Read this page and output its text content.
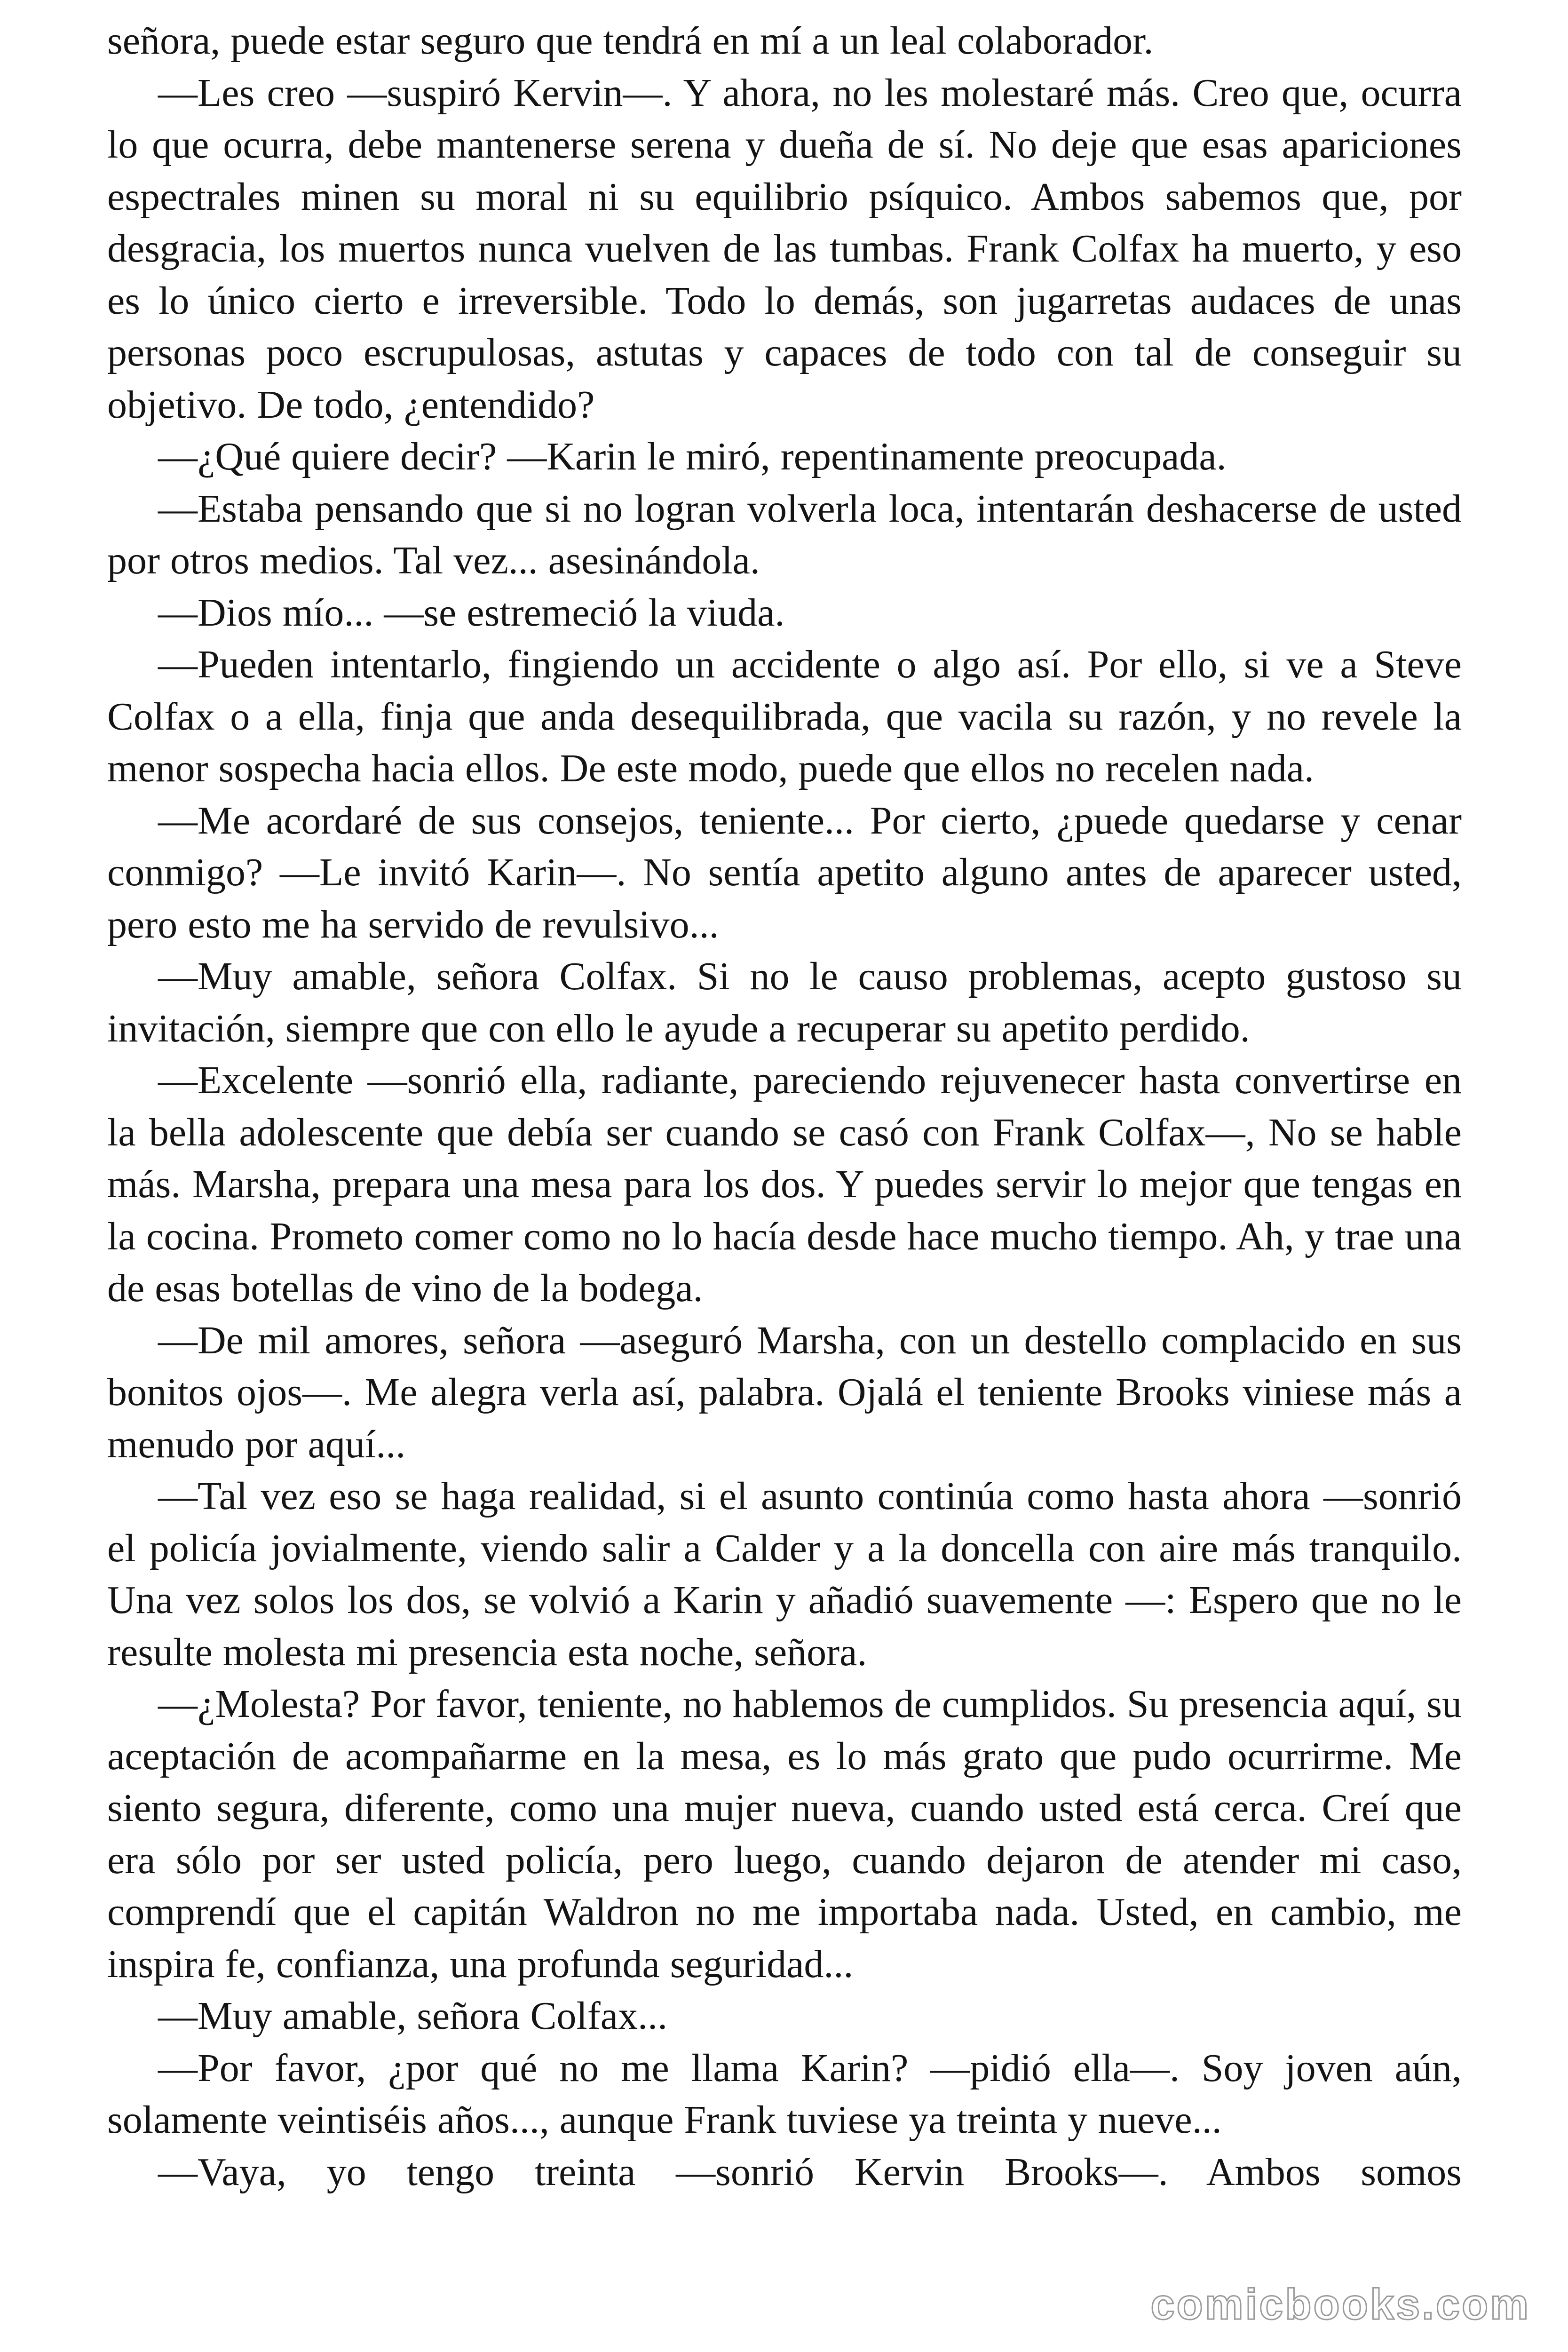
señora, puede estar seguro que tendrá en mí a un leal colaborador.

—Les creo —suspiró Kervin—. Y ahora, no les molestaré más. Creo que, ocurra lo que ocurra, debe mantenerse serena y dueña de sí. No deje que esas apariciones espectrales minen su moral ni su equilibrio psíquico. Ambos sabemos que, por desgracia, los muertos nunca vuelven de las tumbas. Frank Colfax ha muerto, y eso es lo único cierto e irreversible. Todo lo demás, son jugarretas audaces de unas personas poco escrupulosas, astutas y capaces de todo con tal de conseguir su objetivo. De todo, ¿entendido?

—¿Qué quiere decir? —Karin le miró, repentinamente preocupada.

—Estaba pensando que si no logran volverla loca, intentarán deshacerse de usted por otros medios. Tal vez... asesinándola.

—Dios mío... —se estremeció la viuda.

—Pueden intentarlo, fingiendo un accidente o algo así. Por ello, si ve a Steve Colfax o a ella, finja que anda desequilibrada, que vacila su razón, y no revele la menor sospecha hacia ellos. De este modo, puede que ellos no recelen nada.

—Me acordaré de sus consejos, teniente... Por cierto, ¿puede quedarse y cenar conmigo? —Le invitó Karin—. No sentía apetito alguno antes de aparecer usted, pero esto me ha servido de revulsivo...

—Muy amable, señora Colfax. Si no le causo problemas, acepto gustoso su invitación, siempre que con ello le ayude a recuperar su apetito perdido.

—Excelente —sonrió ella, radiante, pareciendo rejuvenecer hasta convertirse en la bella adolescente que debía ser cuando se casó con Frank Colfax—, No se hable más. Marsha, prepara una mesa para los dos. Y puedes servir lo mejor que tengas en la cocina. Prometo comer como no lo hacía desde hace mucho tiempo. Ah, y trae una de esas botellas de vino de la bodega.

—De mil amores, señora —aseguró Marsha, con un destello complacido en sus bonitos ojos—. Me alegra verla así, palabra. Ojalá el teniente Brooks viniese más a menudo por aquí...

—Tal vez eso se haga realidad, si el asunto continúa como hasta ahora —sonrió el policía jovialmente, viendo salir a Calder y a la doncella con aire más tranquilo. Una vez solos los dos, se volvió a Karin y añadió suavemente —: Espero que no le resulte molesta mi presencia esta noche, señora.

—¿Molesta? Por favor, teniente, no hablemos de cumplidos. Su presencia aquí, su aceptación de acompañarme en la mesa, es lo más grato que pudo ocurrirme. Me siento segura, diferente, como una mujer nueva, cuando usted está cerca. Creí que era sólo por ser usted policía, pero luego, cuando dejaron de atender mi caso, comprendí que el capitán Waldron no me importaba nada. Usted, en cambio, me inspira fe, confianza, una profunda seguridad...

—Muy amable, señora Colfax...

—Por favor, ¿por qué no me llama Karin? —pidió ella—. Soy joven aún, solamente veintiséis años..., aunque Frank tuviese ya treinta y nueve...

—Vaya, yo tengo treinta —sonrió Kervin Brooks—. Ambos somos

comicbooks.com
